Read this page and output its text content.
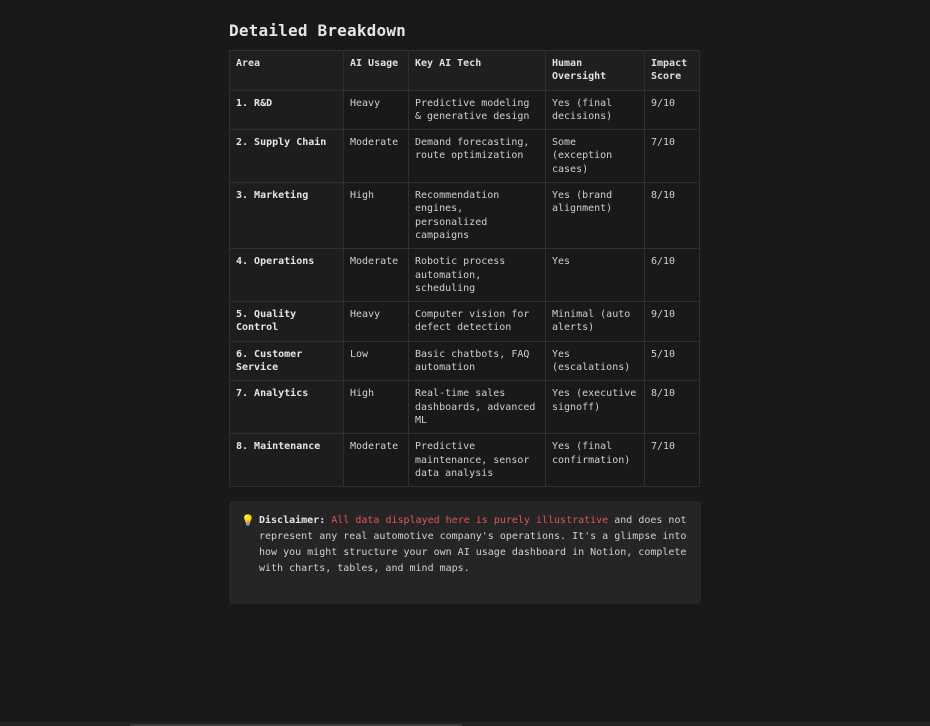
Detailed Breakdown
Area	AI Usage	Key AI Tech	Human Oversight	Impact Score
1. R&D	Heavy	Predictive modeling & generative design	Yes (final decisions)	9/10
2. Supply Chain	Moderate	Demand forecasting, route optimization	Some (exception cases)	7/10
3. Marketing	High	Recommendation engines, personalized campaigns	Yes (brand alignment)	8/10
4. Operations	Moderate	Robotic process automation, scheduling	Yes	6/10
5. Quality Control	Heavy	Computer vision for defect detection	Minimal (auto alerts)	9/10
6. Customer Service	Low	Basic chatbots, FAQ automation	Yes (escalations)	5/10
7. Analytics	High	Real-time sales dashboards, advanced ML	Yes (executive signoff)	8/10
8. Maintenance	Moderate	Predictive maintenance, sensor data analysis	Yes (final confirmation)	7/10
💡 Disclaimer: All data displayed here is purely illustrative and does not represent any real automotive company's operations. It's a glimpse into how you might structure your own AI usage dashboard in Notion, complete with charts, tables, and mind maps.
